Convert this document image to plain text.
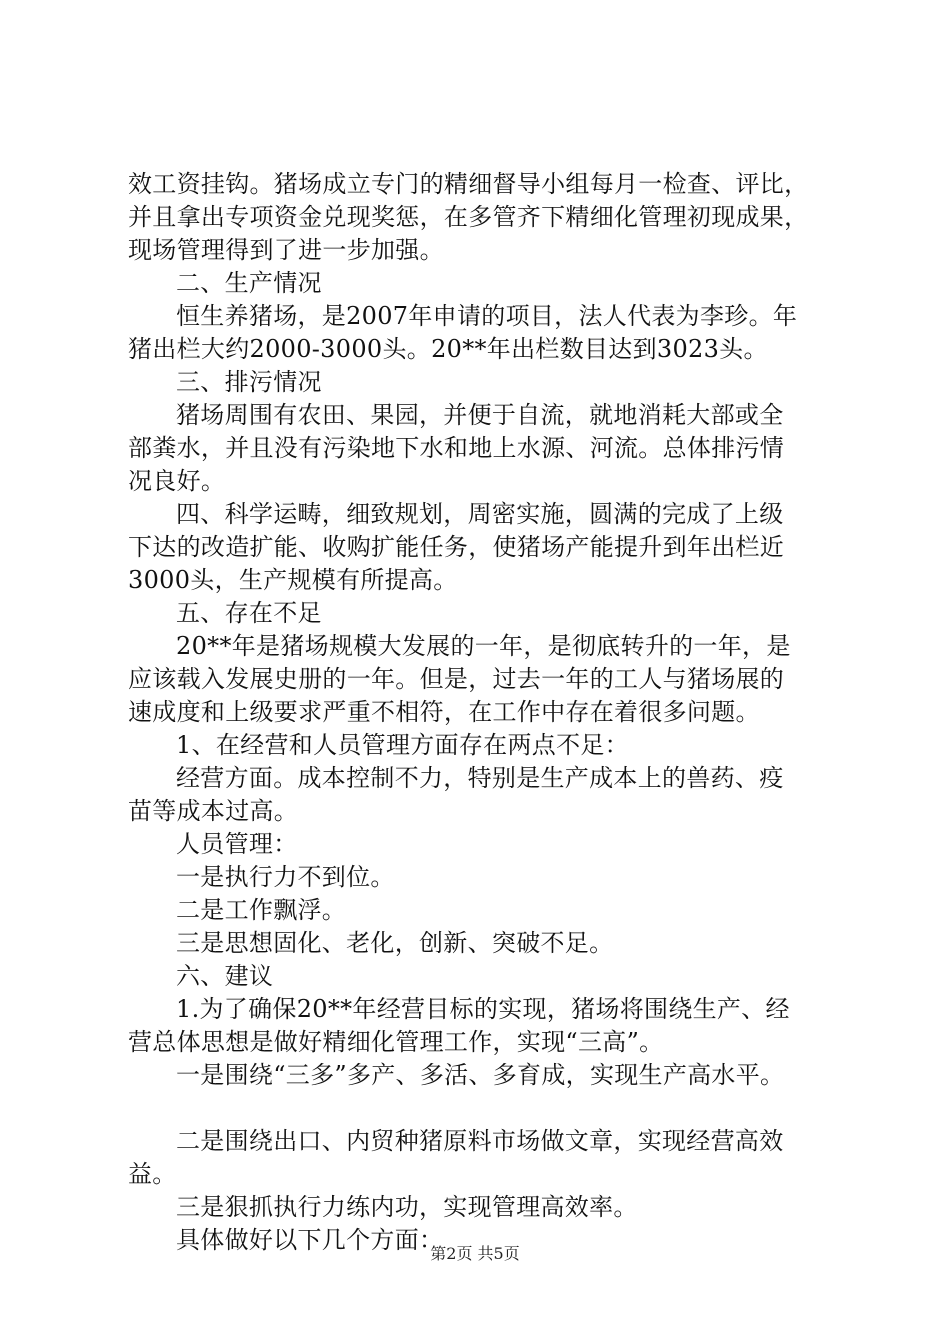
效工资挂钩。猪场成立专门的精细督导小组每月一检查、评比，
并且拿出专项资金兑现奖惩，在多管齐下精细化管理初现成果，
现场管理得到了进一步加强。
二、生产情况
恒生养猪场，是2007年申请的项目，法人代表为李珍。年
猪出栏大约2000-3000头。20**年出栏数目达到3023头。
三、排污情况
猪场周围有农田、果园，并便于自流，就地消耗大部或全
部粪水，并且没有污染地下水和地上水源、河流。总体排污情
况良好。
四、科学运畴，细致规划，周密实施，圆满的完成了上级
下达的改造扩能、收购扩能任务，使猪场产能提升到年出栏近
3000头，生产规模有所提高。
五、存在不足
20**年是猪场规模大发展的一年，是彻底转升的一年，是
应该载入发展史册的一年。但是，过去一年的工人与猪场展的
速成度和上级要求严重不相符，在工作中存在着很多问题。
1、在经营和人员管理方面存在两点不足：
经营方面。成本控制不力，特别是生产成本上的兽药、疫
苗等成本过高。
人员管理：
一是执行力不到位。
二是工作飘浮。
三是思想固化、老化，创新、突破不足。
六、建议
1.为了确保20**年经营目标的实现，猪场将围绕生产、经
营总体思想是做好精细化管理工作，实现“三高”。
一是围绕“三多”多产、多活、多育成，实现生产高水平。
二是围绕出口、内贸种猪原料市场做文章，实现经营高效
益。
三是狠抓执行力练内功，实现管理高效率。
具体做好以下几个方面：
第2页 共5页
